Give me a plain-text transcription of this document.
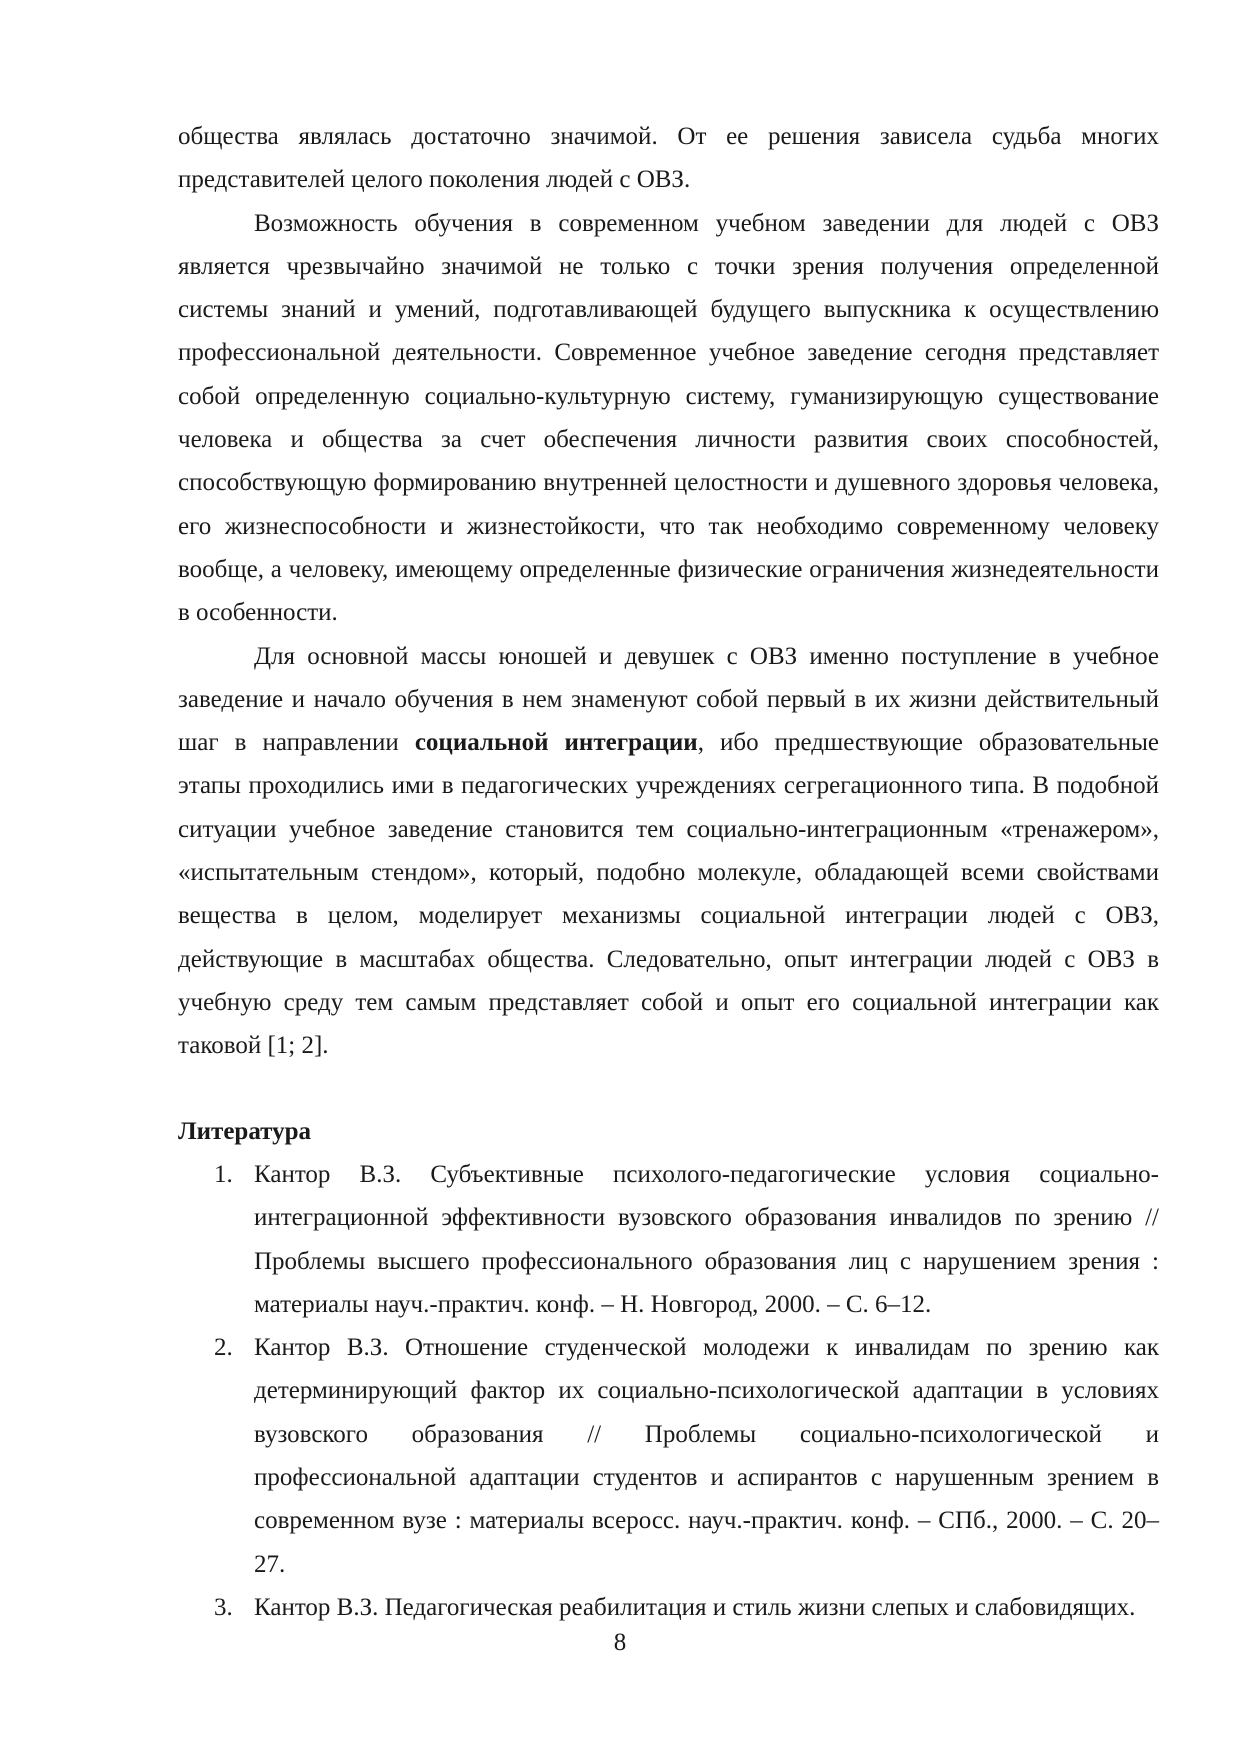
общества являлась достаточно значимой. От ее решения зависела судьба многих представителей целого поколения людей с ОВЗ.

Возможность обучения в современном учебном заведении для людей с ОВЗ является чрезвычайно значимой не только с точки зрения получения определенной системы знаний и умений, подготавливающей будущего выпускника к осуществлению профессиональной деятельности. Современное учебное заведение сегодня представляет собой определенную социально-культурную систему, гуманизирующую существование человека и общества за счет обеспечения личности развития своих способностей, способствующую формированию внутренней целостности и душевного здоровья человека, его жизнеспособности и жизнестойкости, что так необходимо современному человеку вообще, а человеку, имеющему определенные физические ограничения жизнедеятельности в особенности.

Для основной массы юношей и девушек с ОВЗ именно поступление в учебное заведение и начало обучения в нем знаменуют собой первый в их жизни действительный шаг в направлении социальной интеграции, ибо предшествующие образовательные этапы проходились ими в педагогических учреждениях сегрегационного типа. В подобной ситуации учебное заведение становится тем социально-интеграционным «тренажером», «испытательным стендом», который, подобно молекуле, обладающей всеми свойствами вещества в целом, моделирует механизмы социальной интеграции людей с ОВЗ, действующие в масштабах общества. Следовательно, опыт интеграции людей с ОВЗ в учебную среду тем самым представляет собой и опыт его социальной интеграции как таковой [1; 2].

Литература
1. Кантор В.З. Субъективные психолого-педагогические условия социально-интеграционной эффективности вузовского образования инвалидов по зрению // Проблемы высшего профессионального образования лиц с нарушением зрения : материалы науч.-практич. конф. – Н. Новгород, 2000. – С. 6–12.
2. Кантор В.З. Отношение студенческой молодежи к инвалидам по зрению как детерминирующий фактор их социально-психологической адаптации в условиях вузовского образования // Проблемы социально-психологической и профессиональной адаптации студентов и аспирантов с нарушенным зрением в современном вузе : материалы всеросс. науч.-практич. конф. – СПб., 2000. – С. 20–27.
3. Кантор В.З. Педагогическая реабилитация и стиль жизни слепых и слабовидящих.
8
